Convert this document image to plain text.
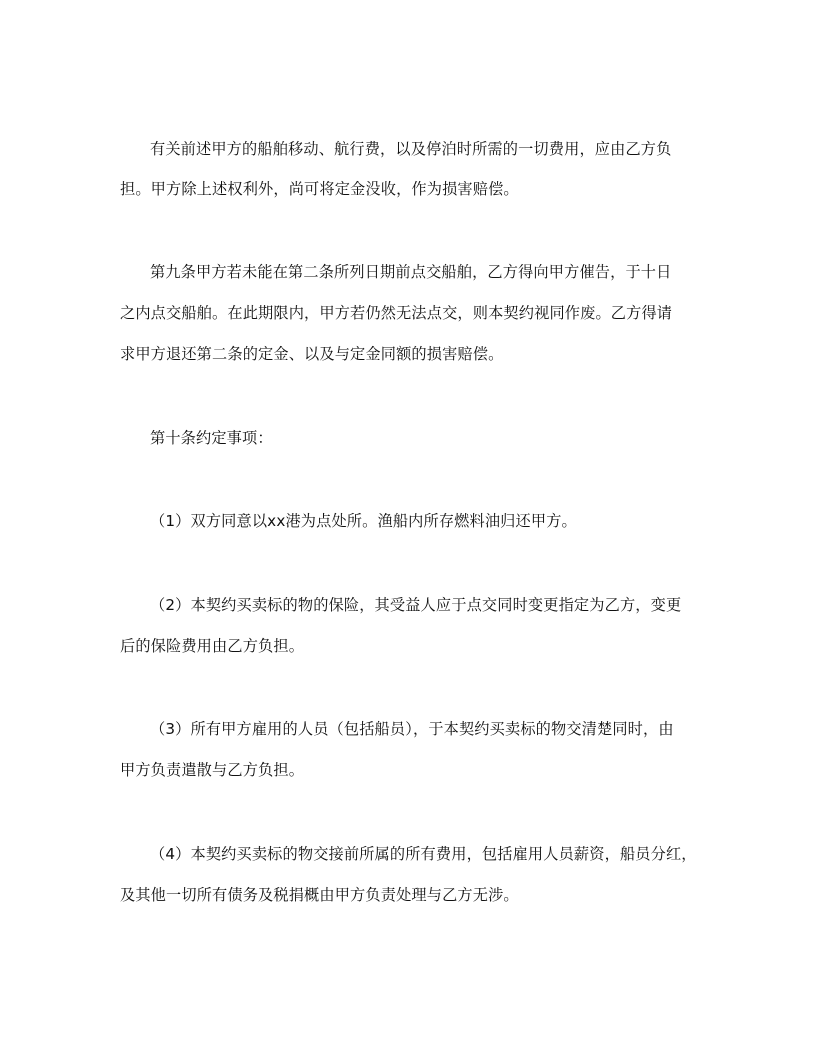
有关前述甲方的船舶移动、航行费，以及停泊时所需的一切费用，应由乙方负
担。甲方除上述权利外，尚可将定金没收，作为损害赔偿。
第九条甲方若未能在第二条所列日期前点交船舶，乙方得向甲方催告，于十日
之内点交船舶。在此期限内，甲方若仍然无法点交，则本契约视同作废。乙方得请
求甲方退还第二条的定金、以及与定金同额的损害赔偿。
第十条约定事项：
（1）双方同意以xx港为点处所。渔船内所存燃料油归还甲方。
（2）本契约买卖标的物的保险，其受益人应于点交同时变更指定为乙方，变更
后的保险费用由乙方负担。
（3）所有甲方雇用的人员（包括船员），于本契约买卖标的物交清楚同时，由
甲方负责遣散与乙方负担。
（4）本契约买卖标的物交接前所属的所有费用，包括雇用人员薪资，船员分红，
及其他一切所有债务及税捐概由甲方负责处理与乙方无涉。
